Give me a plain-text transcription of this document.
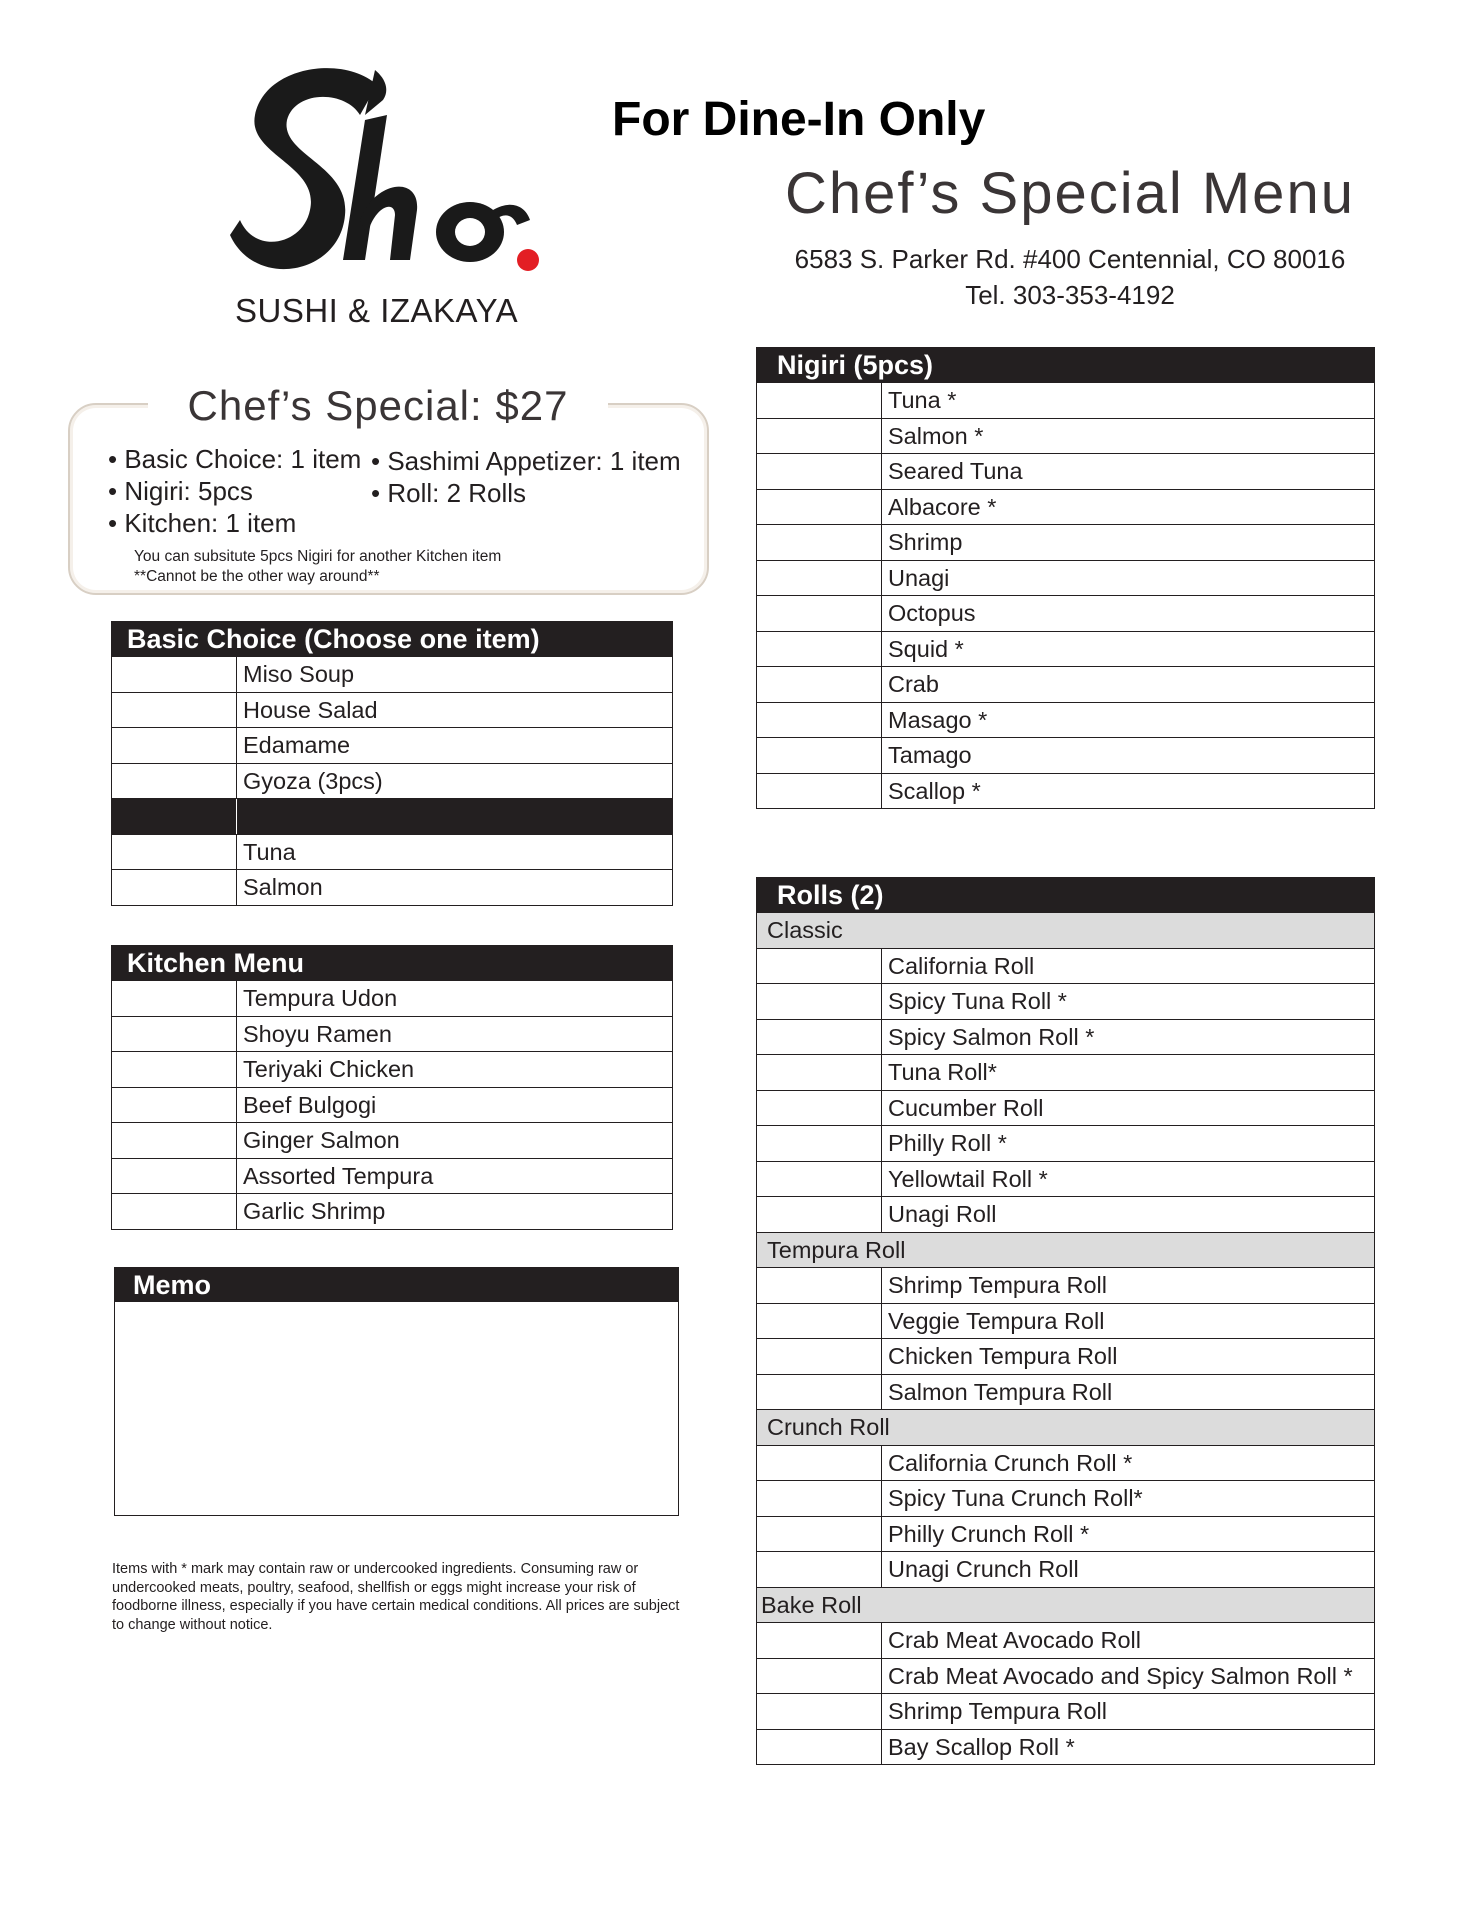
SUSHI & IZAKAYA
For Dine-In Only
Chef’s Special Menu
6583 S. Parker Rd. #400 Centennial, CO 80016
Tel. 303-353-4192
Chef’s Special: $27
• Basic Choice: 1 item
• Nigiri: 5pcs
• Kitchen: 1 item
• Sashimi Appetizer: 1 item
• Roll: 2 Rolls
You can subsitute 5pcs Nigiri for another Kitchen item
**Cannot be the other way around**
Basic Choice (Choose one item)
Miso Soup
House Salad
Edamame
Gyoza (3pcs)
Tuna
Salmon
Kitchen Menu
Tempura Udon
Shoyu Ramen
Teriyaki Chicken
Beef Bulgogi
Ginger Salmon
Assorted Tempura
Garlic Shrimp
Memo
Items with * mark may contain raw or undercooked ingredients. Consuming raw or undercooked meats, poultry, seafood, shellfish or eggs might increase your risk of foodborne illness, especially if you have certain medical conditions. All prices are subject to change without notice.
Nigiri (5pcs)
Tuna *
Salmon *
Seared Tuna
Albacore *
Shrimp
Unagi
Octopus
Squid *
Crab
Masago *
Tamago
Scallop *
Rolls (2)
Classic
California Roll
Spicy Tuna Roll *
Spicy Salmon Roll *
Tuna Roll*
Cucumber Roll
Philly Roll *
Yellowtail Roll *
Unagi Roll
Tempura Roll
Shrimp Tempura Roll
Veggie Tempura Roll
Chicken Tempura Roll
Salmon Tempura Roll
Crunch Roll
California Crunch Roll *
Spicy Tuna Crunch Roll*
Philly Crunch Roll *
Unagi Crunch Roll
Bake Roll
Crab Meat Avocado Roll
Crab Meat Avocado and Spicy Salmon Roll *
Shrimp Tempura Roll
Bay Scallop Roll *
